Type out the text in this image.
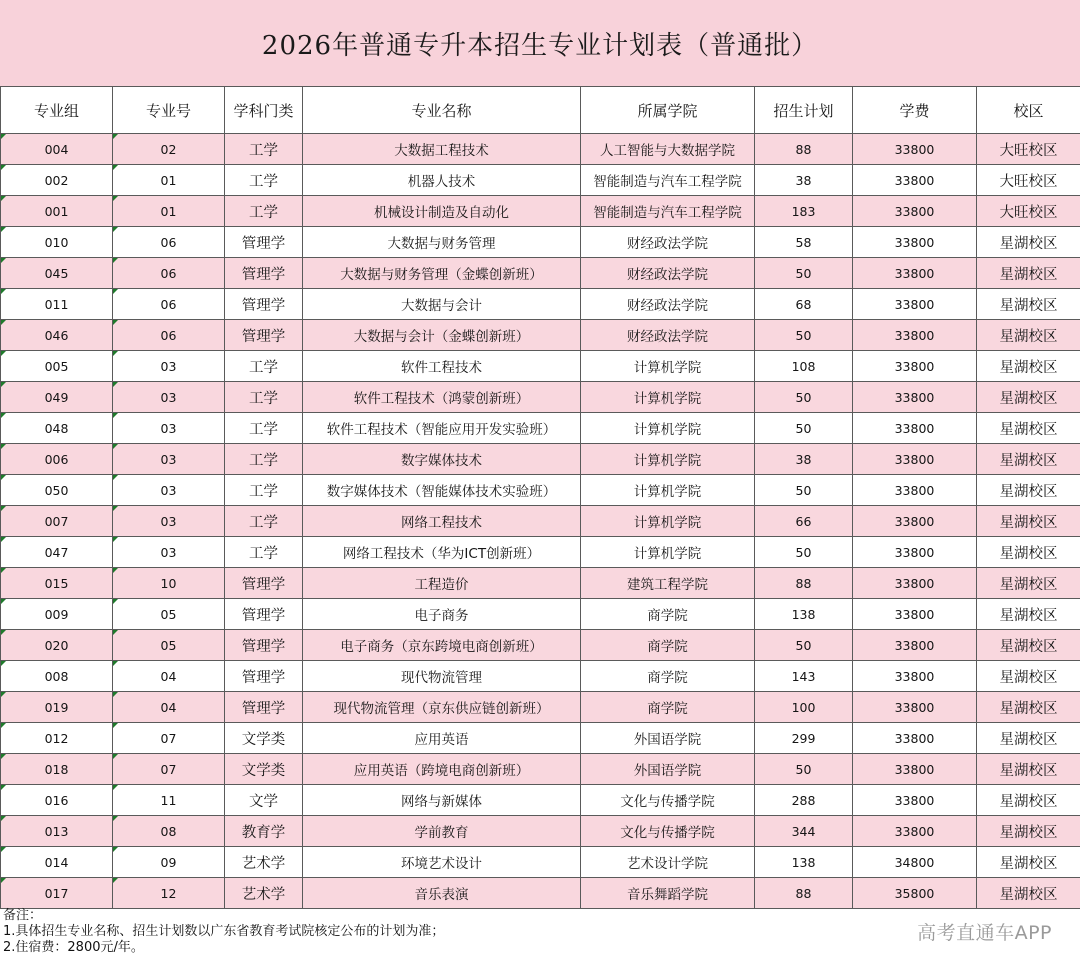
2026年普通专升本招生专业计划表（普通批）
专业组	专业号	学科门类	专业名称	所属学院	招生计划	学费	校区
004	02	工学	大数据工程技术	人工智能与大数据学院	88	33800	大旺校区
002	01	工学	机器人技术	智能制造与汽车工程学院	38	33800	大旺校区
001	01	工学	机械设计制造及自动化	智能制造与汽车工程学院	183	33800	大旺校区
010	06	管理学	大数据与财务管理	财经政法学院	58	33800	星湖校区
045	06	管理学	大数据与财务管理（金蝶创新班）	财经政法学院	50	33800	星湖校区
011	06	管理学	大数据与会计	财经政法学院	68	33800	星湖校区
046	06	管理学	大数据与会计（金蝶创新班）	财经政法学院	50	33800	星湖校区
005	03	工学	软件工程技术	计算机学院	108	33800	星湖校区
049	03	工学	软件工程技术（鸿蒙创新班）	计算机学院	50	33800	星湖校区
048	03	工学	软件工程技术（智能应用开发实验班）	计算机学院	50	33800	星湖校区
006	03	工学	数字媒体技术	计算机学院	38	33800	星湖校区
050	03	工学	数字媒体技术（智能媒体技术实验班）	计算机学院	50	33800	星湖校区
007	03	工学	网络工程技术	计算机学院	66	33800	星湖校区
047	03	工学	网络工程技术（华为ICT创新班）	计算机学院	50	33800	星湖校区
015	10	管理学	工程造价	建筑工程学院	88	33800	星湖校区
009	05	管理学	电子商务	商学院	138	33800	星湖校区
020	05	管理学	电子商务（京东跨境电商创新班）	商学院	50	33800	星湖校区
008	04	管理学	现代物流管理	商学院	143	33800	星湖校区
019	04	管理学	现代物流管理（京东供应链创新班）	商学院	100	33800	星湖校区
012	07	文学类	应用英语	外国语学院	299	33800	星湖校区
018	07	文学类	应用英语（跨境电商创新班）	外国语学院	50	33800	星湖校区
016	11	文学	网络与新媒体	文化与传播学院	288	33800	星湖校区
013	08	教育学	学前教育	文化与传播学院	344	33800	星湖校区
014	09	艺术学	环境艺术设计	艺术设计学院	138	34800	星湖校区
017	12	艺术学	音乐表演	音乐舞蹈学院	88	35800	星湖校区
备注：
1.具体招生专业名称、招生计划数以广东省教育考试院核定公布的计划为准；
2.住宿费：2800元/年。
高考直通车APP
